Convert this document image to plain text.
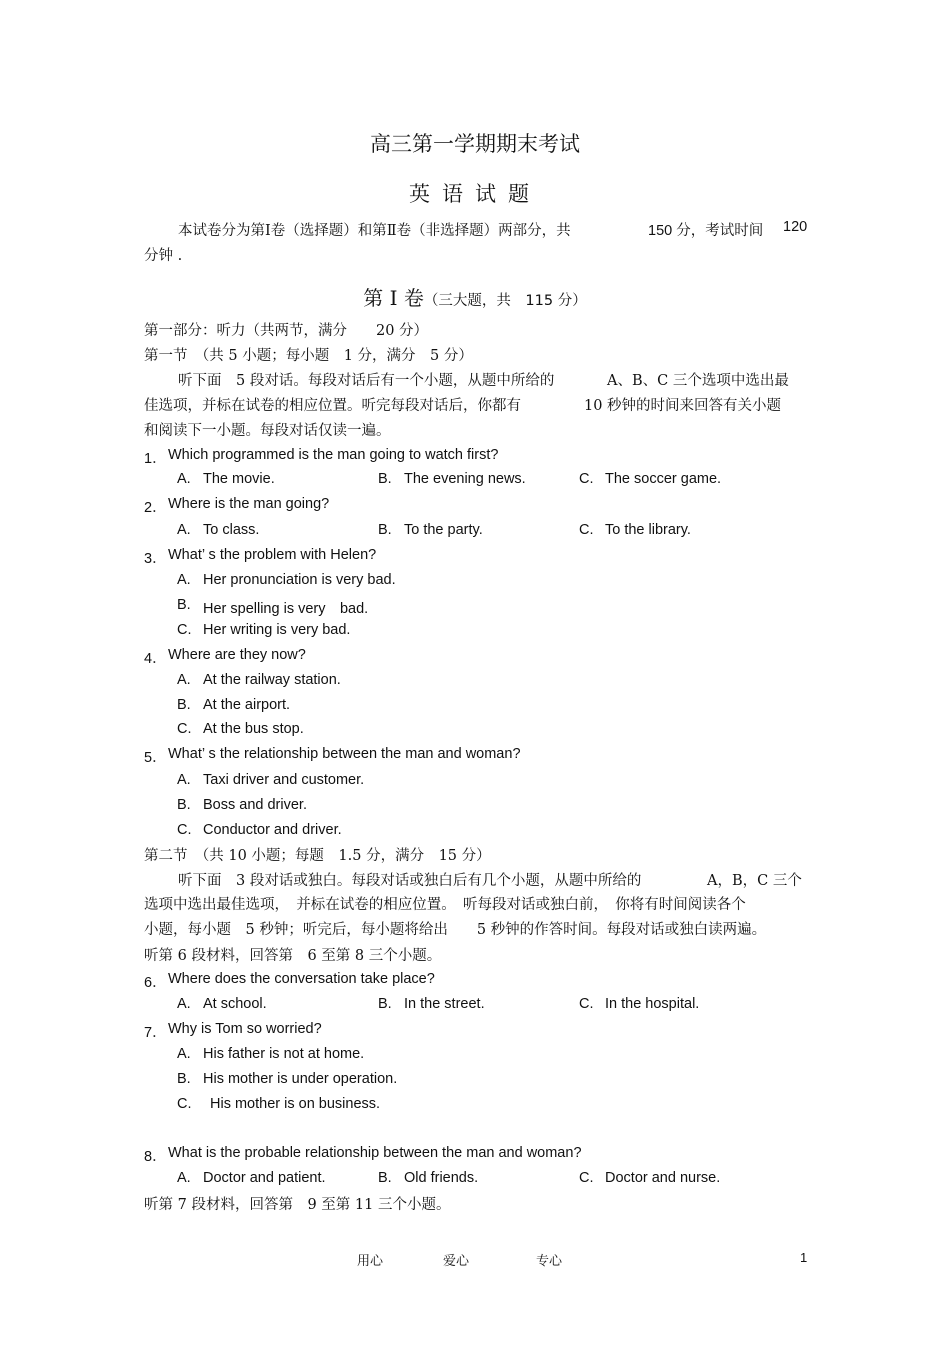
高三第一学期期末考试
英语试题
本试卷分为第Ⅰ卷（选择题）和第Ⅱ卷（非选择题）两部分，共	150 分，考试时间 120
分钟 .
第 I 卷（三大题，共　115 分）
第一部分：听力（共两节，满分　　20 分）
第一节　（共 5 小题；每小题　1 分，满分　5 分）
听下面　5 段对话。每段对话后有一个小题，从题中所给的	A、B、C 三个选项中选出最
佳选项，并标在试卷的相应位置。听完每段对话后，你都有	10 秒钟的时间来回答有关小题
和阅读下一小题。每段对话仅读一遍。
1． Which programmed is the man going to watch first?
A. The movie.	B. The evening news.	C. The soccer game.
2． Where is the man going?
A. To class.	B. To the party.	C. To the library.
3． What’ s the problem with Helen?
A. Her pronunciation is very bad.
B. Her spelling is very　bad.
C. Her writing is very bad.
4． Where are they now?
A. At the railway station.
B. At the airport.
C. At the bus stop.
5． What’ s the relationship between the man and woman?
A. Taxi driver and customer.
B. Boss and driver.
C. Conductor and driver.
第二节　（共 10 小题；每题　1.5 分，满分　15 分）
听下面　3 段对话或独白。每段对话或独白后有几个小题，从题中所给的	A，B，C 三个
选项中选出最佳选项，　并标在试卷的相应位置。　听每段对话或独白前，　你将有时间阅读各个
小题，每小题　5 秒钟；听完后，每小题将给出　　5 秒钟的作答时间。每段对话或独白读两遍。
听第 6 段材料，回答第　6 至第 8 三个小题。
6． Where does the conversation take place?
A. At school.	B. In the street.	C. In the hospital.
7． Why is Tom so worried?
A. His father is not at home.
B. His mother is under operation.
C. His mother is on business.
8． What is the probable relationship between the man and woman?
A. Doctor and patient.	B. Old friends.	C. Doctor and nurse.
听第 7 段材料，回答第　9 至第 11 三个小题。
用心	爱心	专心	1
